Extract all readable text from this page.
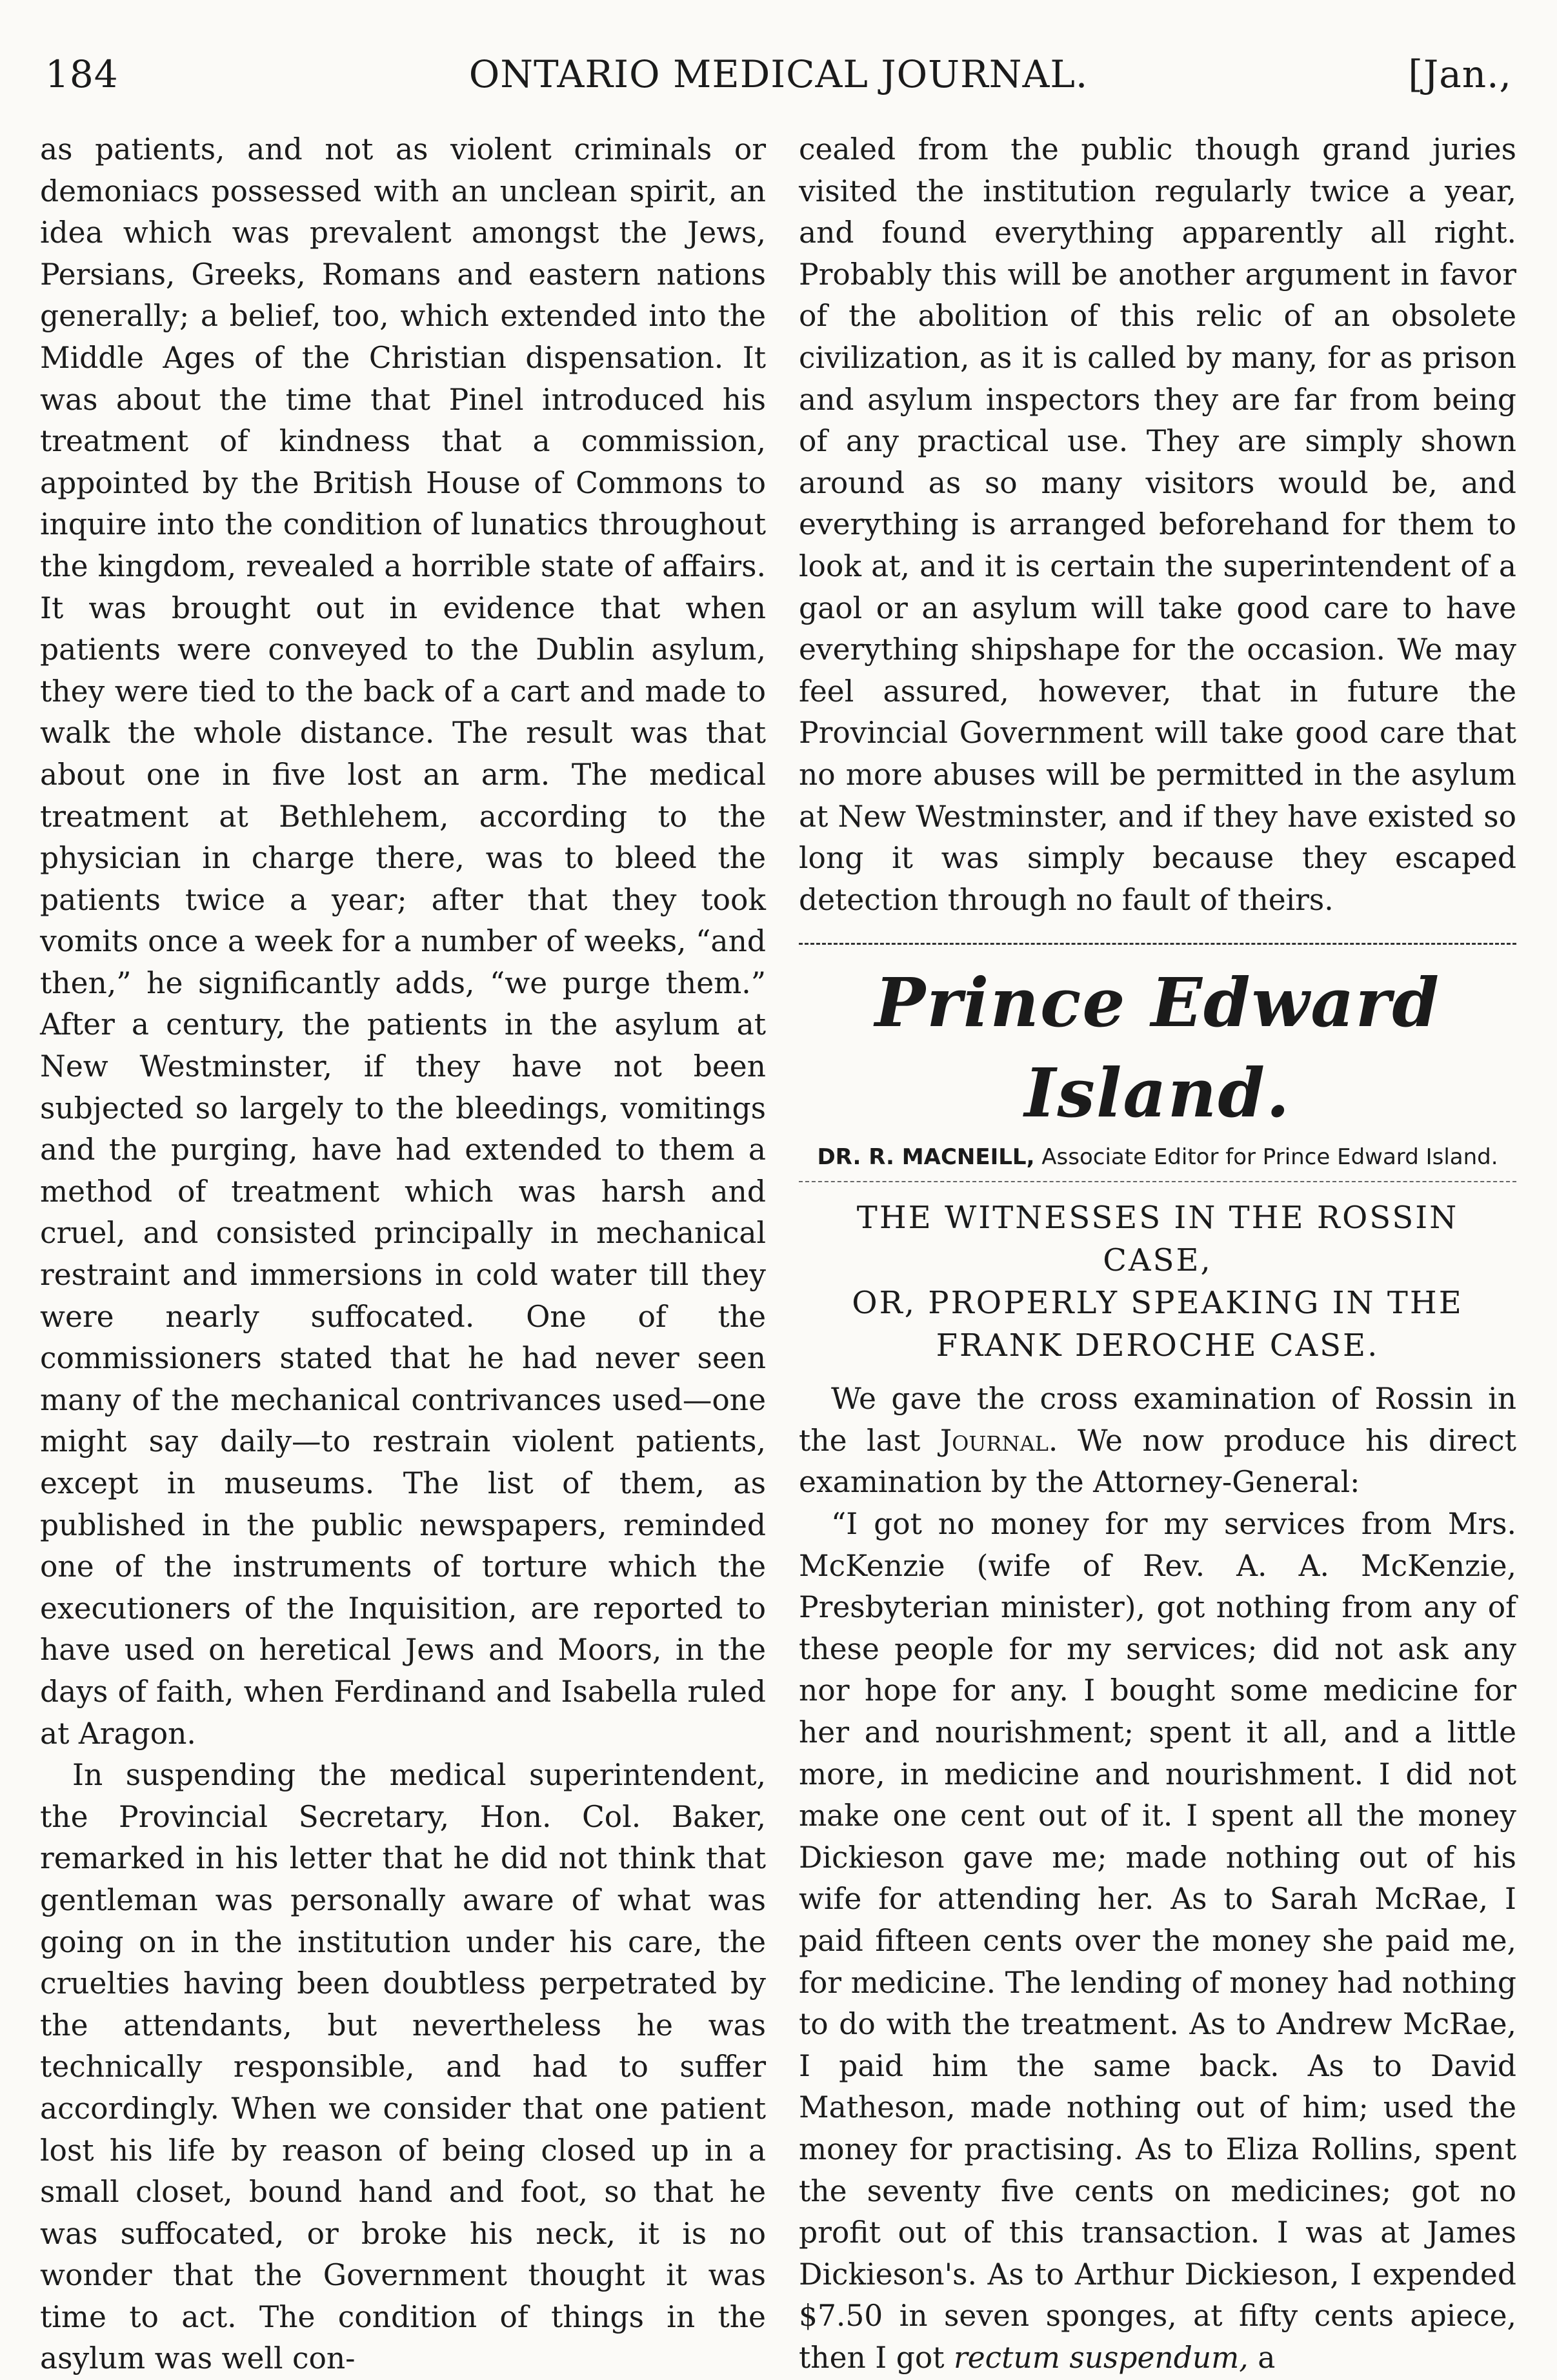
184	ONTARIO MEDICAL JOURNAL.	[Jan.,

as patients, and not as violent criminals or demoniacs possessed with an unclean spirit, an idea which was prevalent amongst the Jews, Persians, Greeks, Romans and eastern nations generally; a belief, too, which extended into the Middle Ages of the Christian dispensation. It was about the time that Pinel introduced his treatment of kindness that a commission, appointed by the British House of Commons to inquire into the condition of lunatics throughout the kingdom, revealed a horrible state of affairs. It was brought out in evidence that when patients were conveyed to the Dublin asylum, they were tied to the back of a cart and made to walk the whole distance. The result was that about one in five lost an arm. The medical treatment at Bethlehem, according to the physician in charge there, was to bleed the patients twice a year; after that they took vomits once a week for a number of weeks, “and then,” he significantly adds, “we purge them.” After a century, the patients in the asylum at New Westminster, if they have not been subjected so largely to the bleedings, vomitings and the purging, have had extended to them a method of treatment which was harsh and cruel, and consisted principally in mechanical restraint and immersions in cold water till they were nearly suffocated. One of the commissioners stated that he had never seen many of the mechanical contrivances used—one might say daily—to restrain violent patients, except in museums. The list of them, as published in the public newspapers, reminded one of the instruments of torture which the executioners of the Inquisition, are reported to have used on heretical Jews and Moors, in the days of faith, when Ferdinand and Isabella ruled at Aragon.

In suspending the medical superintendent, the Provincial Secretary, Hon. Col. Baker, remarked in his letter that he did not think that gentleman was personally aware of what was going on in the institution under his care, the cruelties having been doubtless perpetrated by the attendants, but nevertheless he was technically responsible, and had to suffer accordingly. When we consider that one patient lost his life by reason of being closed up in a small closet, bound hand and foot, so that he was suffocated, or broke his neck, it is no wonder that the Government thought it was time to act. The condition of things in the asylum was well con-

cealed from the public though grand juries visited the institution regularly twice a year, and found everything apparently all right. Probably this will be another argument in favor of the abolition of this relic of an obsolete civilization, as it is called by many, for as prison and asylum inspectors they are far from being of any practical use. They are simply shown around as so many visitors would be, and everything is arranged beforehand for them to look at, and it is certain the superintendent of a gaol or an asylum will take good care to have everything shipshape for the occasion. We may feel assured, however, that in future the Provincial Government will take good care that no more abuses will be permitted in the asylum at New Westminster, and if they have existed so long it was simply because they escaped detection through no fault of theirs.

Prince Edward Island.
DR. R. MACNEILL, Associate Editor for Prince Edward Island.
THE WITNESSES IN THE ROSSIN CASE,
OR, PROPERLY SPEAKING IN THE
FRANK DEROCHE CASE.

We gave the cross examination of Rossin in the last Journal. We now produce his direct examination by the Attorney-General:

“I got no money for my services from Mrs. McKenzie (wife of Rev. A. A. McKenzie, Presbyterian minister), got nothing from any of these people for my services; did not ask any nor hope for any. I bought some medicine for her and nourishment; spent it all, and a little more, in medicine and nourishment. I did not make one cent out of it. I spent all the money Dickieson gave me; made nothing out of his wife for attending her. As to Sarah McRae, I paid fifteen cents over the money she paid me, for medicine. The lending of money had nothing to do with the treatment. As to Andrew McRae, I paid him the same back. As to David Matheson, made nothing out of him; used the money for practising. As to Eliza Rollins, spent the seventy five cents on medicines; got no profit out of this transaction. I was at James Dickieson's. As to Arthur Dickieson, I expended $7.50 in seven sponges, at fifty cents apiece, then I got rectum suspendum, a
